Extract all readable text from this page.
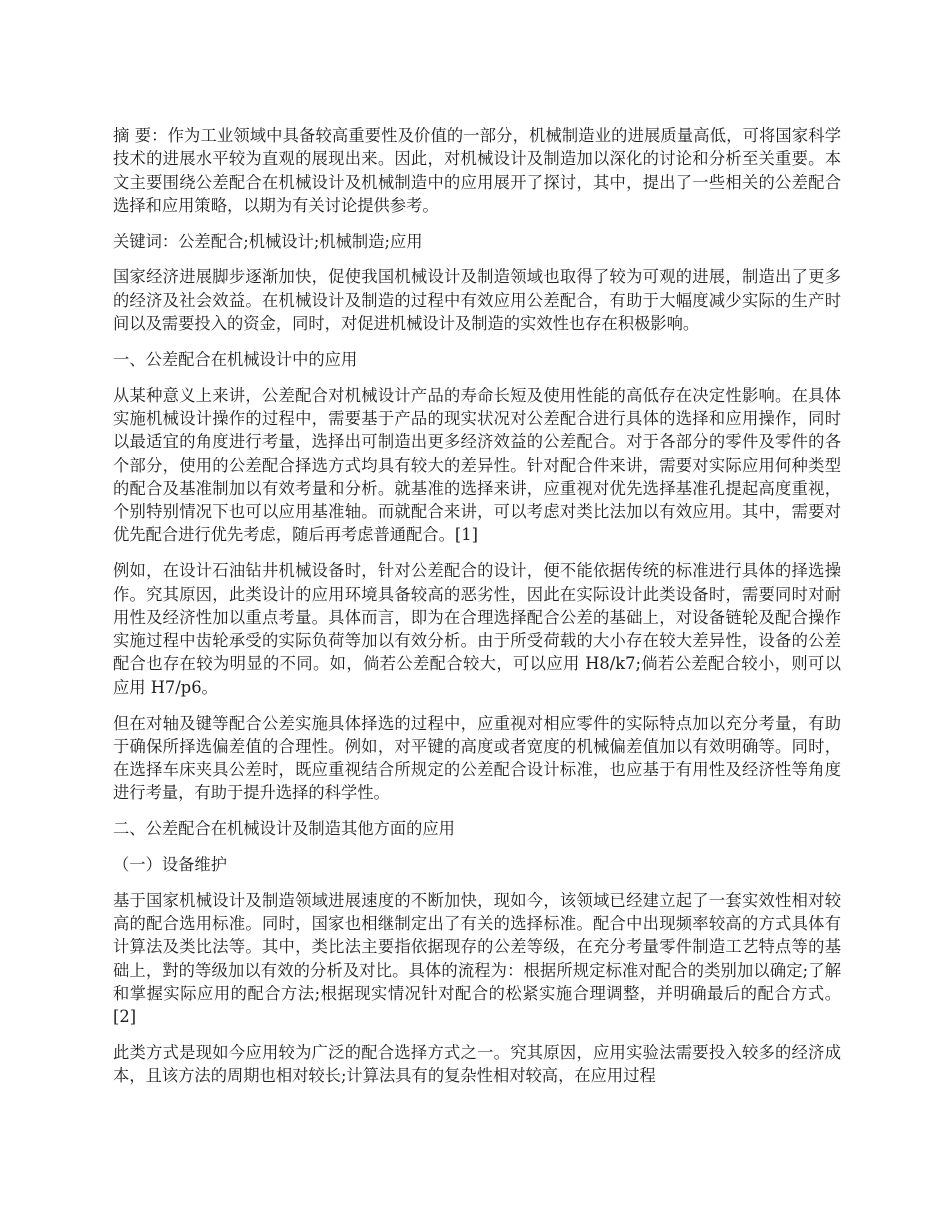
摘 要：作为工业领域中具备较高重要性及价值的一部分，机械制造业的进展质量高低，可将国家科学技术的进展水平较为直观的展现出来。因此，对机械设计及制造加以深化的讨论和分析至关重要。本文主要围绕公差配合在机械设计及机械制造中的应用展开了探讨，其中，提出了一些相关的公差配合选择和应用策略，以期为有关讨论提供参考。

关键词：公差配合;机械设计;机械制造;应用

国家经济进展脚步逐渐加快，促使我国机械设计及制造领域也取得了较为可观的进展，制造出了更多的经济及社会效益。在机械设计及制造的过程中有效应用公差配合，有助于大幅度减少实际的生产时间以及需要投入的资金，同时，对促进机械设计及制造的实效性也存在积极影响。

一、公差配合在机械设计中的应用

从某种意义上来讲，公差配合对机械设计产品的寿命长短及使用性能的高低存在决定性影响。在具体实施机械设计操作的过程中，需要基于产品的现实状况对公差配合进行具体的选择和应用操作，同时以最适宜的角度进行考量，选择出可制造出更多经济效益的公差配合。对于各部分的零件及零件的各个部分，使用的公差配合择选方式均具有较大的差异性。针对配合件来讲，需要对实际应用何种类型的配合及基准制加以有效考量和分析。就基准的选择来讲，应重视对优先选择基准孔提起高度重视，个别特别情况下也可以应用基准轴。而就配合来讲，可以考虑对类比法加以有效应用。其中，需要对优先配合进行优先考虑，随后再考虑普通配合。[1]

例如，在设计石油钻井机械设备时，针对公差配合的设计，便不能依据传统的标准进行具体的择选操作。究其原因，此类设计的应用环境具备较高的恶劣性，因此在实际设计此类设备时，需要同时对耐用性及经济性加以重点考量。具体而言，即为在合理选择配合公差的基础上，对设备链轮及配合操作实施过程中齿轮承受的实际负荷等加以有效分析。由于所受荷载的大小存在较大差异性，设备的公差配合也存在较为明显的不同。如，倘若公差配合较大，可以应用 H8/k7;倘若公差配合较小，则可以应用 H7/p6。

但在对轴及键等配合公差实施具体择选的过程中，应重视对相应零件的实际特点加以充分考量，有助于确保所择选偏差值的合理性。例如，对平键的高度或者宽度的机械偏差值加以有效明确等。同时，在选择车床夹具公差时，既应重视结合所规定的公差配合设计标准，也应基于有用性及经济性等角度进行考量，有助于提升选择的科学性。

二、公差配合在机械设计及制造其他方面的应用

（一）设备维护

基于国家机械设计及制造领域进展速度的不断加快，现如今，该领域已经建立起了一套实效性相对较高的配合选用标准。同时，国家也相继制定出了有关的选择标准。配合中出现频率较高的方式具体有计算法及类比法等。其中，类比法主要指依据现存的公差等级，在充分考量零件制造工艺特点等的基础上，對的等级加以有效的分析及对比。具体的流程为：根据所规定标准对配合的类别加以确定;了解和掌握实际应用的配合方法;根据现实情况针对配合的松紧实施合理调整，并明确最后的配合方式。[2]

此类方式是现如今应用较为广泛的配合选择方式之一。究其原因，应用实验法需要投入较多的经济成本，且该方法的周期也相对较长;计算法具有的复杂性相对较高，在应用过程
